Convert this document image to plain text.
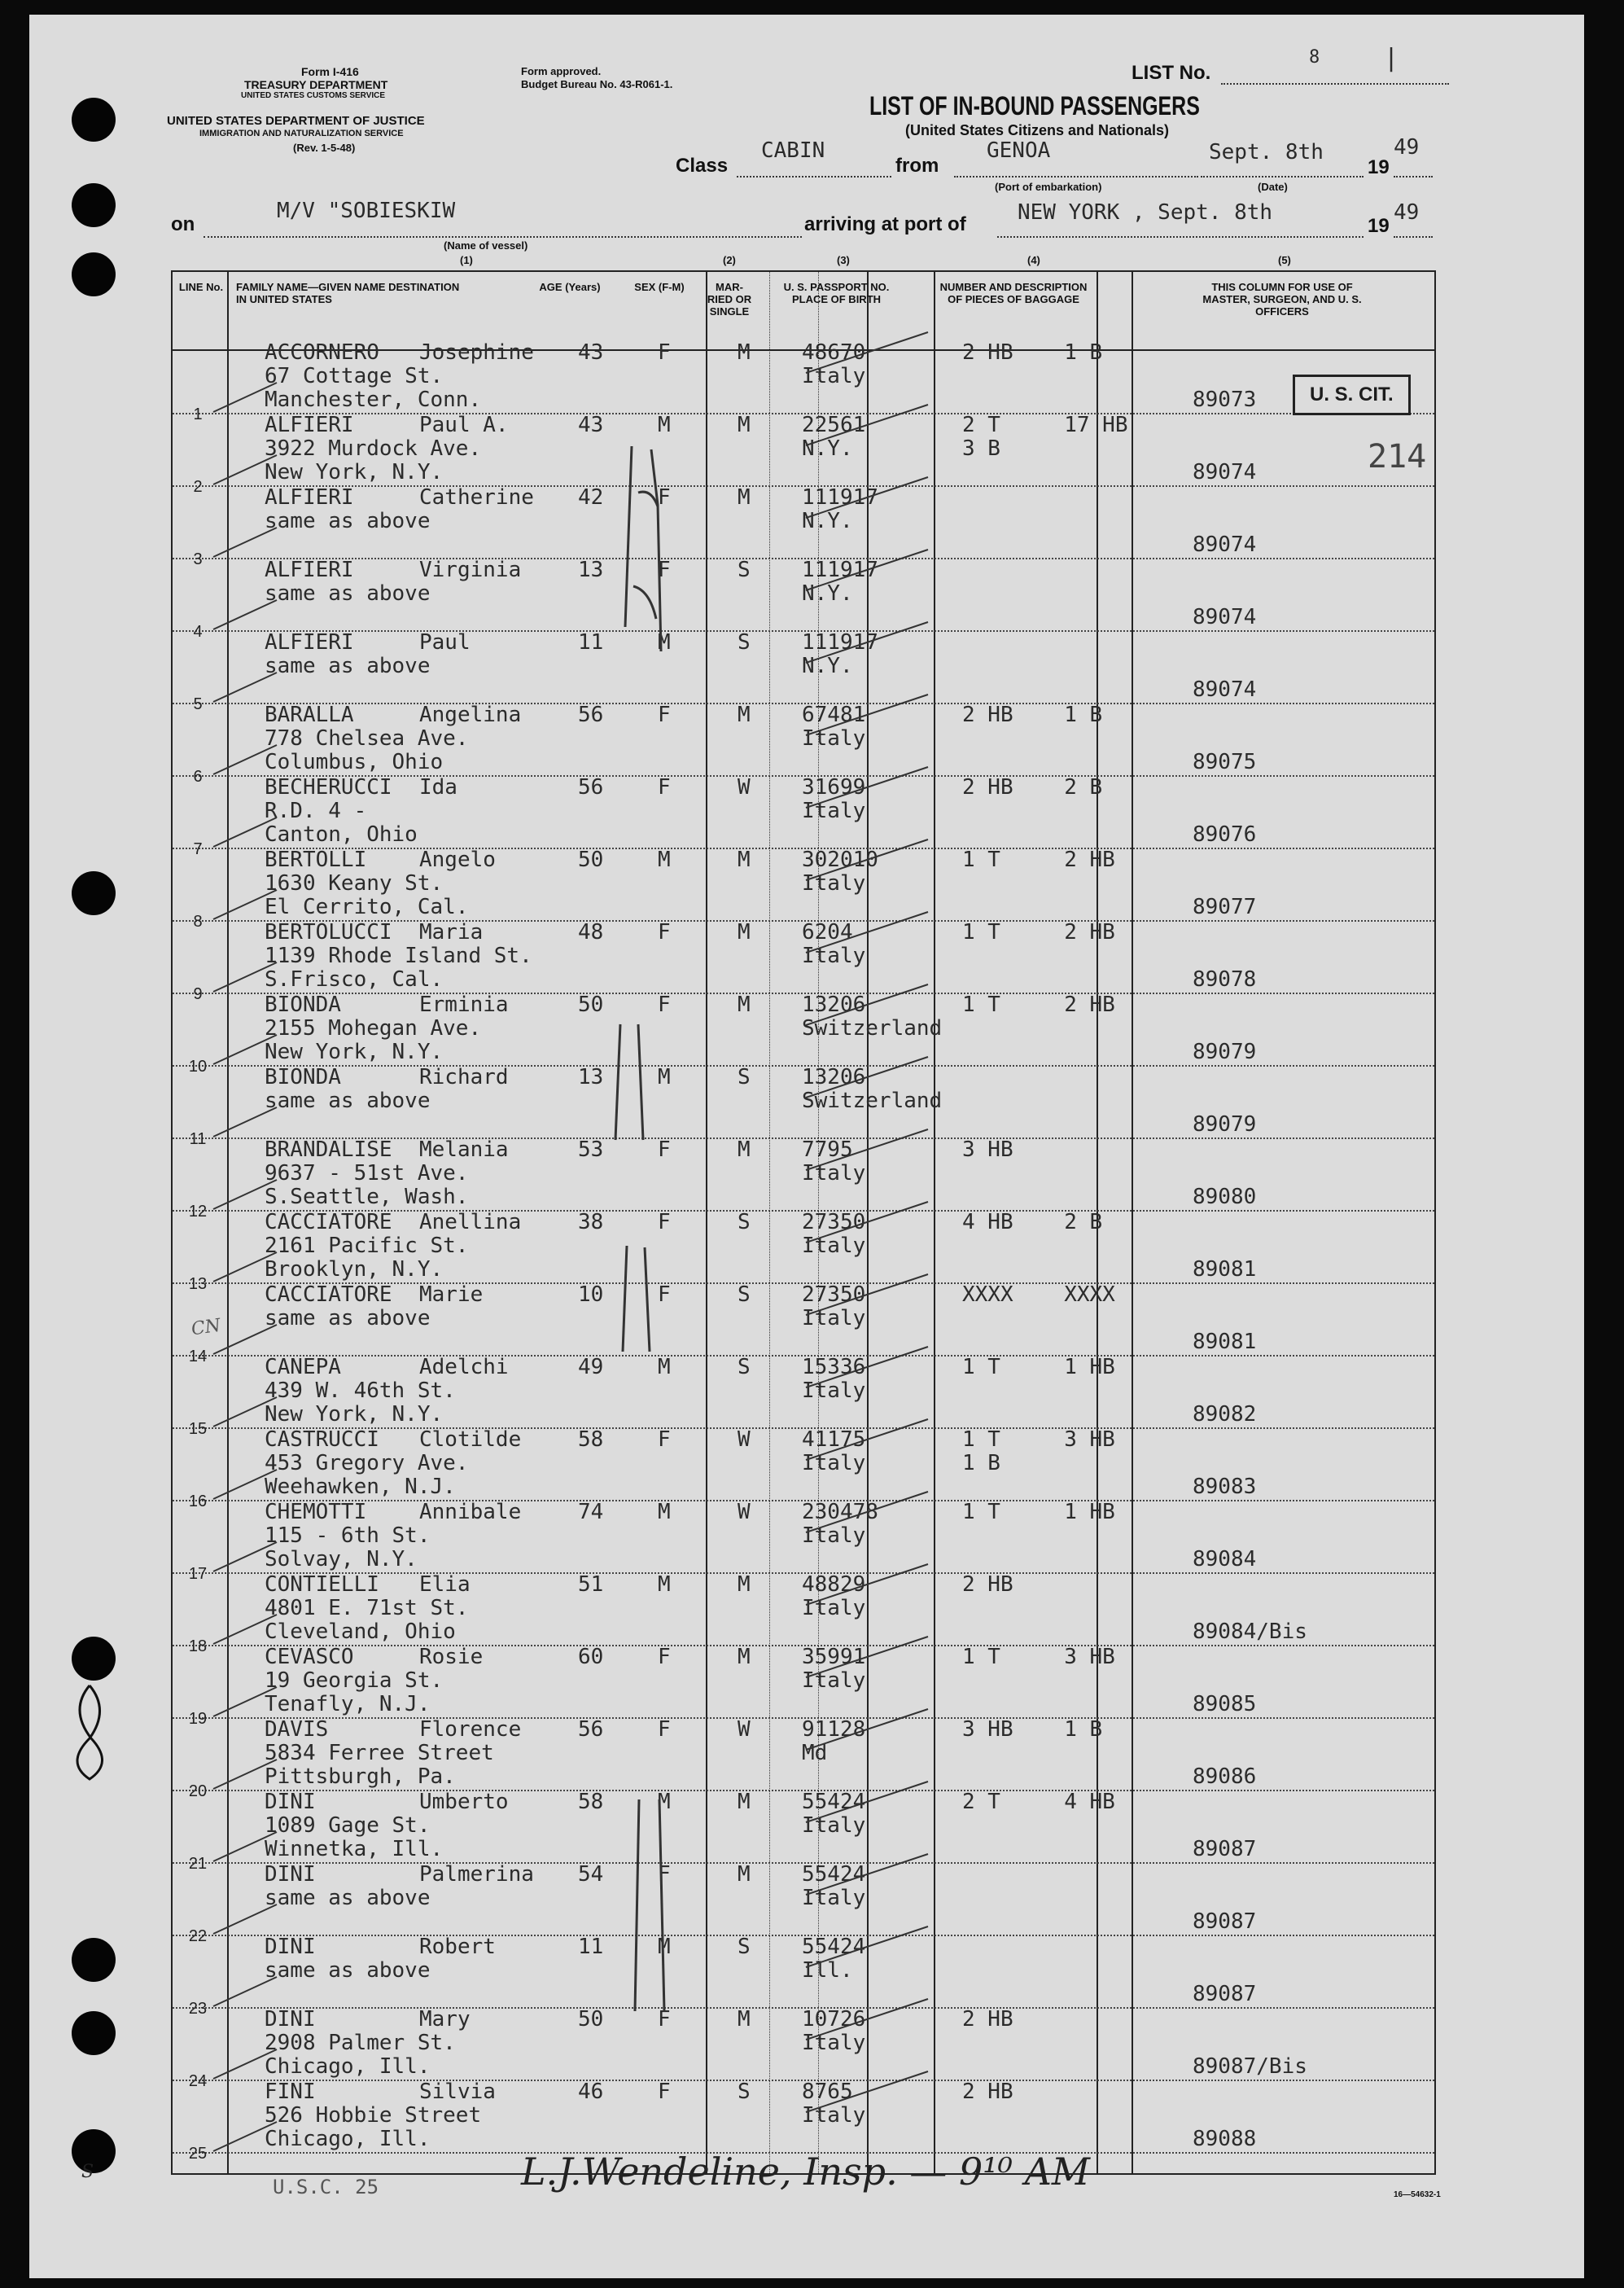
Form I-416
TREASURY DEPARTMENT
UNITED STATES CUSTOMS SERVICE
Form approved.
Budget Bureau No. 43-R061-1.
UNITED STATES DEPARTMENT OF JUSTICE
IMMIGRATION AND NATURALIZATION SERVICE
(Rev. 1-5-48)
LIST No.
8	|
LIST OF IN-BOUND PASSENGERS
(United States Citizens and Nationals)
Class
CABIN
from
GENOA
(Port of embarkation)
Sept. 8th
(Date)
19
49
on
M/V "SOBIESKIW
(Name of vessel)
arriving at port of NEW YORK , Sept. 8th
19
49
(1)	(2)	(3)	(4)	(5)
LINE No. FAMILY NAME—GIVEN NAME DESTINATION IN UNITED STATES
AGE (Years)	SEX (F-M)	MAR-RIED OR SINGLE
U. S. PASSPORT NO. PLACE OF BIRTH
NUMBER AND DESCRIPTION OF PIECES OF BAGGAGE
THIS COLUMN FOR USE OF MASTER, SURGEON, AND U. S. OFFICERS
1
ACCORNERO Josephine
67 Cottage St.
Manchester, Conn.
43	F	M 48670
Italy
2 HB    1 B
89073
2
ALFIERI	Paul A.
3922 Murdock Ave.
New York, N.Y.
43	M	M 22561
N.Y.
2 T     17 HB
3 B
89074
3
ALFIERI	Catherine
same as above
42	F	M 111917
N.Y.
89074
4
ALFIERI	Virginia
same as above
13	F	S 111917
N.Y.
89074
5
ALFIERI	Paul
same as above
11	M	S 111917
N.Y.
89074
6
BARALLA	Angelina
778 Chelsea Ave.
Columbus, Ohio
56	F	M 67481
Italy
2 HB    1 B
89075
7
BECHERUCCI Ida
R.D. 4 -
Canton, Ohio
56	F	W 31699
Italy
2 HB    2 B
89076
8
BERTOLLI Angelo
1630 Keany St.
El Cerrito, Cal.
50	M	M 302010
Italy
1 T     2 HB
89077
9
BERTOLUCCI Maria
1139 Rhode Island St.
S.Frisco, Cal.
48	F	M 6204
Italy
1 T     2 HB
89078
10
BIONDA	Erminia
2155 Mohegan Ave.
New York, N.Y.
50	F	M 13206
Switzerland
1 T     2 HB
89079
11
BIONDA	Richard
same as above
13	M	S 13206
Switzerland
89079
12
BRANDALISE Melania
9637 - 51st Ave.
S.Seattle, Wash.
53	F	M 7795
Italy
3 HB
89080
13
CACCIATORE Anellina
2161 Pacific St.
Brooklyn, N.Y.
38	F	S 27350
Italy
4 HB    2 B
89081
14
CACCIATORE Marie
same as above
10	F	S 27350
Italy
XXXX    XXXX
89081
15
CANEPA	Adelchi
439 W. 46th St.
New York, N.Y.
49	M	S 15336
Italy
1 T     1 HB
89082
16
CASTRUCCI Clotilde
453 Gregory Ave.
Weehawken, N.J.
58	F	W 41175
Italy
1 T     3 HB
1 B
89083
17
CHEMOTTI Annibale
115 - 6th St.
Solvay, N.Y.
74	M	W 230478
Italy
1 T     1 HB
89084
18
CONTIELLI Elia
4801 E. 71st St.
Cleveland, Ohio
51	M	M 48829
Italy
2 HB
89084/Bis
19
CEVASCO	Rosie
19 Georgia St.
Tenafly, N.J.
60	F	M 35991
Italy
1 T     3 HB
89085
20
DAVIS	Florence
5834 Ferree Street
Pittsburgh, Pa.
56	F	W 91128
Md
3 HB    1 B
89086
21
DINI	Umberto
1089 Gage St.
Winnetka, Ill.
58	M	M 55424
Italy
2 T     4 HB
89087
22
DINI	Palmerina
same as above
54	F	M 55424
Italy
89087
23
DINI	Robert
same as above
11	M	S 55424
Ill.
89087
24
DINI	Mary
2908 Palmer St.
Chicago, Ill.
50	F	M 10726
Italy
2 HB
89087/Bis
25
FINI	Silvia
526 Hobbie Street
Chicago, Ill.
46	F	S 8765
Italy
2 HB
89088
U. S. CIT.
214
CN
S
U.S.C. 25	L.J.Wendeline, Insp. — 9¹⁰ AM
16—54632-1
